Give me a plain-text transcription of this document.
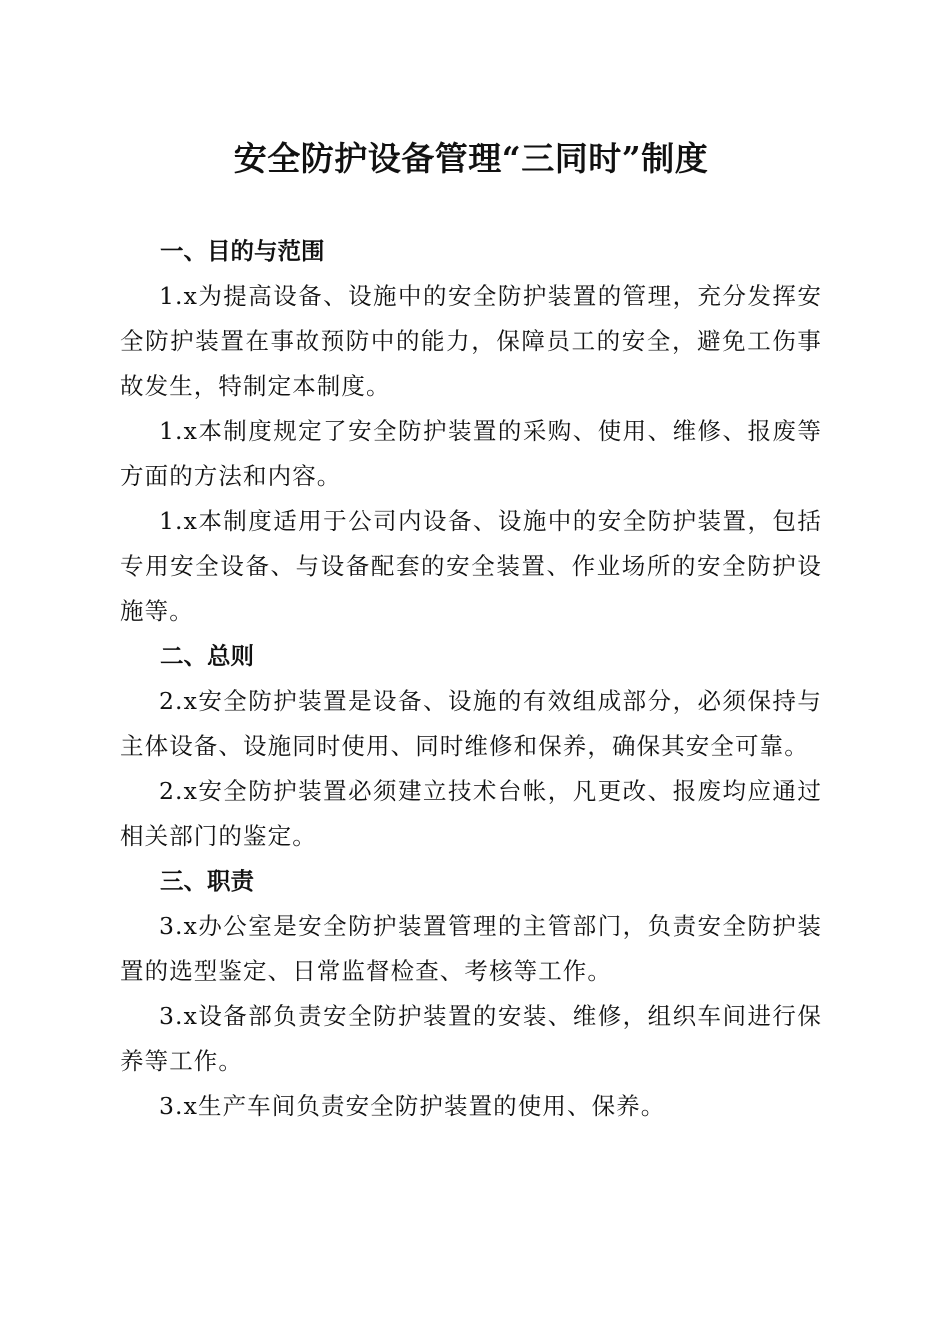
安全防护设备管理“三同时”制度

一、目的与范围

1.x为提高设备、设施中的安全防护装置的管理，充分发挥安全防护装置在事故预防中的能力，保障员工的安全，避免工伤事故发生，特制定本制度。

1.x本制度规定了安全防护装置的采购、使用、维修、报废等方面的方法和内容。

1.x本制度适用于公司内设备、设施中的安全防护装置，包括专用安全设备、与设备配套的安全装置、作业场所的安全防护设施等。

二、总则

2.x安全防护装置是设备、设施的有效组成部分，必须保持与主体设备、设施同时使用、同时维修和保养，确保其安全可靠。

2.x安全防护装置必须建立技术台帐，凡更改、报废均应通过相关部门的鉴定。

三、职责

3.x办公室是安全防护装置管理的主管部门，负责安全防护装置的选型鉴定、日常监督检查、考核等工作。

3.x设备部负责安全防护装置的安装、维修，组织车间进行保养等工作。

3.x生产车间负责安全防护装置的使用、保养。
